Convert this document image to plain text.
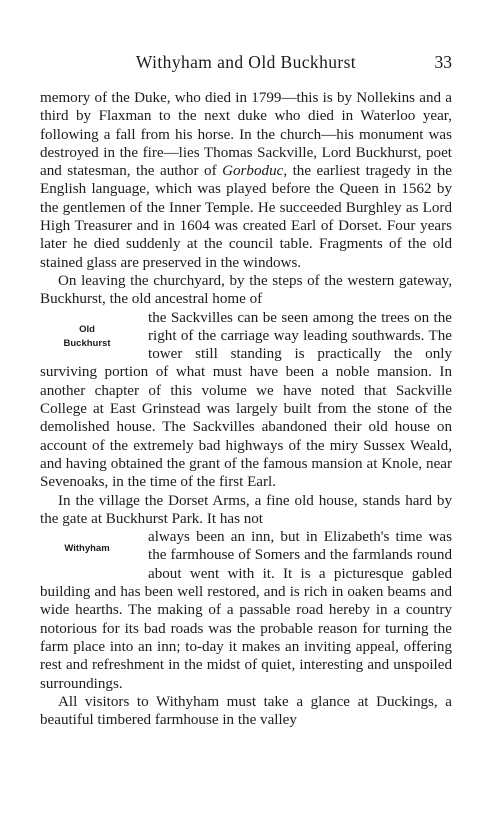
Withyham and Old Buckhurst	33

memory of the Duke, who died in 1799—this is by Nollekins and a third by Flaxman to the next duke who died in Waterloo year, following a fall from his horse. In the church—his monument was destroyed in the fire—lies Thomas Sackville, Lord Buckhurst, poet and statesman, the author of Gorboduc, the earliest tragedy in the English language, which was played before the Queen in 1562 by the gentlemen of the Inner Temple. He succeeded Burghley as Lord High Treasurer and in 1604 was created Earl of Dorset. Four years later he died suddenly at the council table. Fragments of the old stained glass are preserved in the windows.

On leaving the churchyard, by the steps of the western gateway, Buckhurst, the old ancestral home of

Old
Buckhurst
the Sackvilles can be seen among the trees on the right of the carriage way leading southwards. The tower still standing is practically the only surviving portion of what must have been a noble mansion. In another chapter of this volume we have noted that Sackville College at East Grinstead was largely built from the stone of the demolished house. The Sackvilles abandoned their old house on account of the extremely bad highways of the miry Sussex Weald, and having obtained the grant of the famous mansion at Knole, near Sevenoaks, in the time of the first Earl.

In the village the Dorset Arms, a fine old house, stands hard by the gate at Buckhurst Park. It has not

Withyham
always been an inn, but in Elizabeth's time was the farmhouse of Somers and the farmlands round about went with it. It is a picturesque gabled building and has been well restored, and is rich in oaken beams and wide hearths. The making of a passable road hereby in a country notorious for its bad roads was the probable reason for turning the farm place into an inn; to-day it makes an inviting appeal, offering rest and refreshment in the midst of quiet, interesting and unspoiled surroundings.

All visitors to Withyham must take a glance at Duckings, a beautiful timbered farmhouse in the valley
